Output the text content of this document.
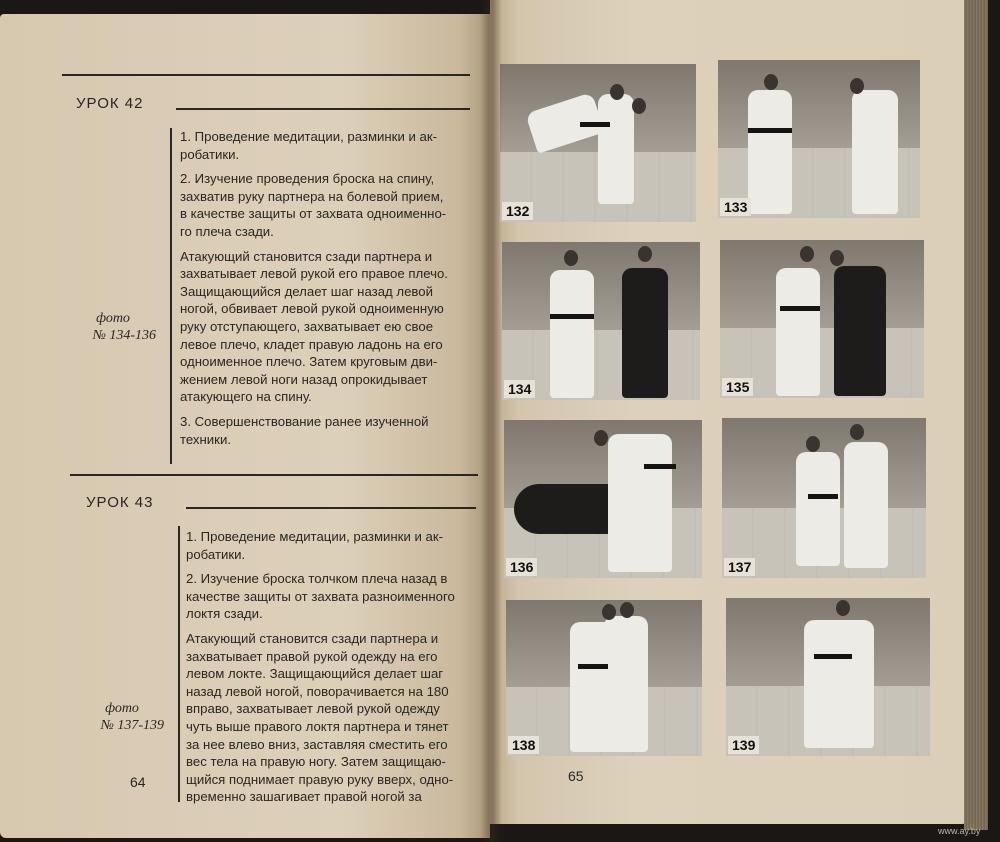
УРОК 42
1. Проведение медитации, разминки и ак-
робатики.
2. Изучение проведения броска на спину,
захватив руку партнера на болевой прием,
в качестве защиты от захвата одноименно-
го плеча сзади.
Атакующий становится сзади партнера и
захватывает левой рукой его правое плечо.
Защищающийся делает шаг назад левой
ногой, обвивает левой рукой одноименную
руку отступающего, захватывает ею свое
левое плечо, кладет правую ладонь на его
одноименное плечо. Затем круговым дви-
жением левой ноги назад опрокидывает
атакующего на спину.
3. Совершенствование ранее изученной
техники.
фото
№ 134-136
УРОК 43
1. Проведение медитации, разминки и ак-
робатики.
2. Изучение броска толчком плеча назад в
качестве защиты от захвата разноименного
локтя сзади.
Атакующий становится сзади партнера и
захватывает правой рукой одежду на его
левом локте. Защищающийся делает шаг
назад левой ногой, поворачивается на 180
вправо, захватывает левой рукой одежду
чуть выше правого локтя партнера и тянет
за нее влево вниз, заставляя сместить его
вес тела на правую ногу. Затем защищаю-
щийся поднимает правую руку вверх, одно-
временно зашагивает правой ногой за
фото
№ 137-139
64
132	133
134	135
136	137
138	139
65
www.ay.by
